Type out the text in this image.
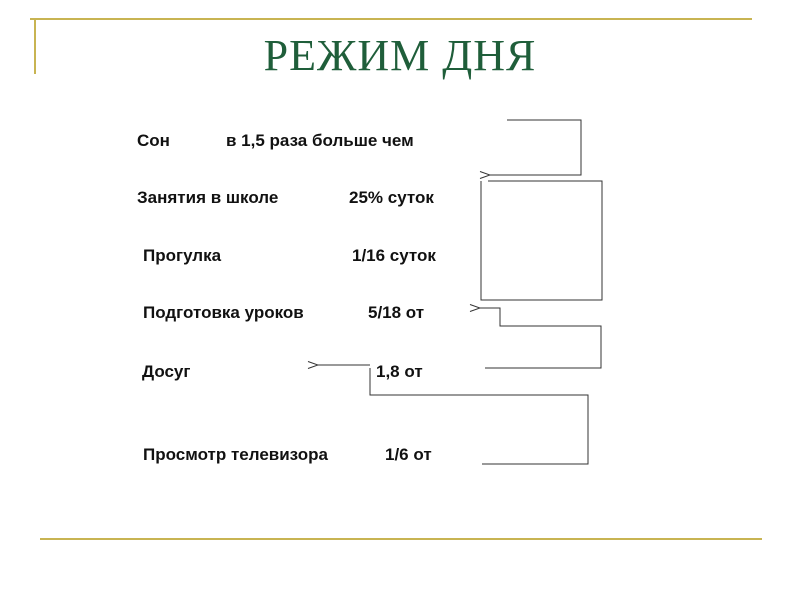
РЕЖИМ ДНЯ
Сон	в 1,5 раза больше чем
Занятия в школе	25% суток
Прогулка	1/16 суток
Подготовка уроков	5/18 от
Досуг	1,8 от
Просмотр телевизора	1/6 от
